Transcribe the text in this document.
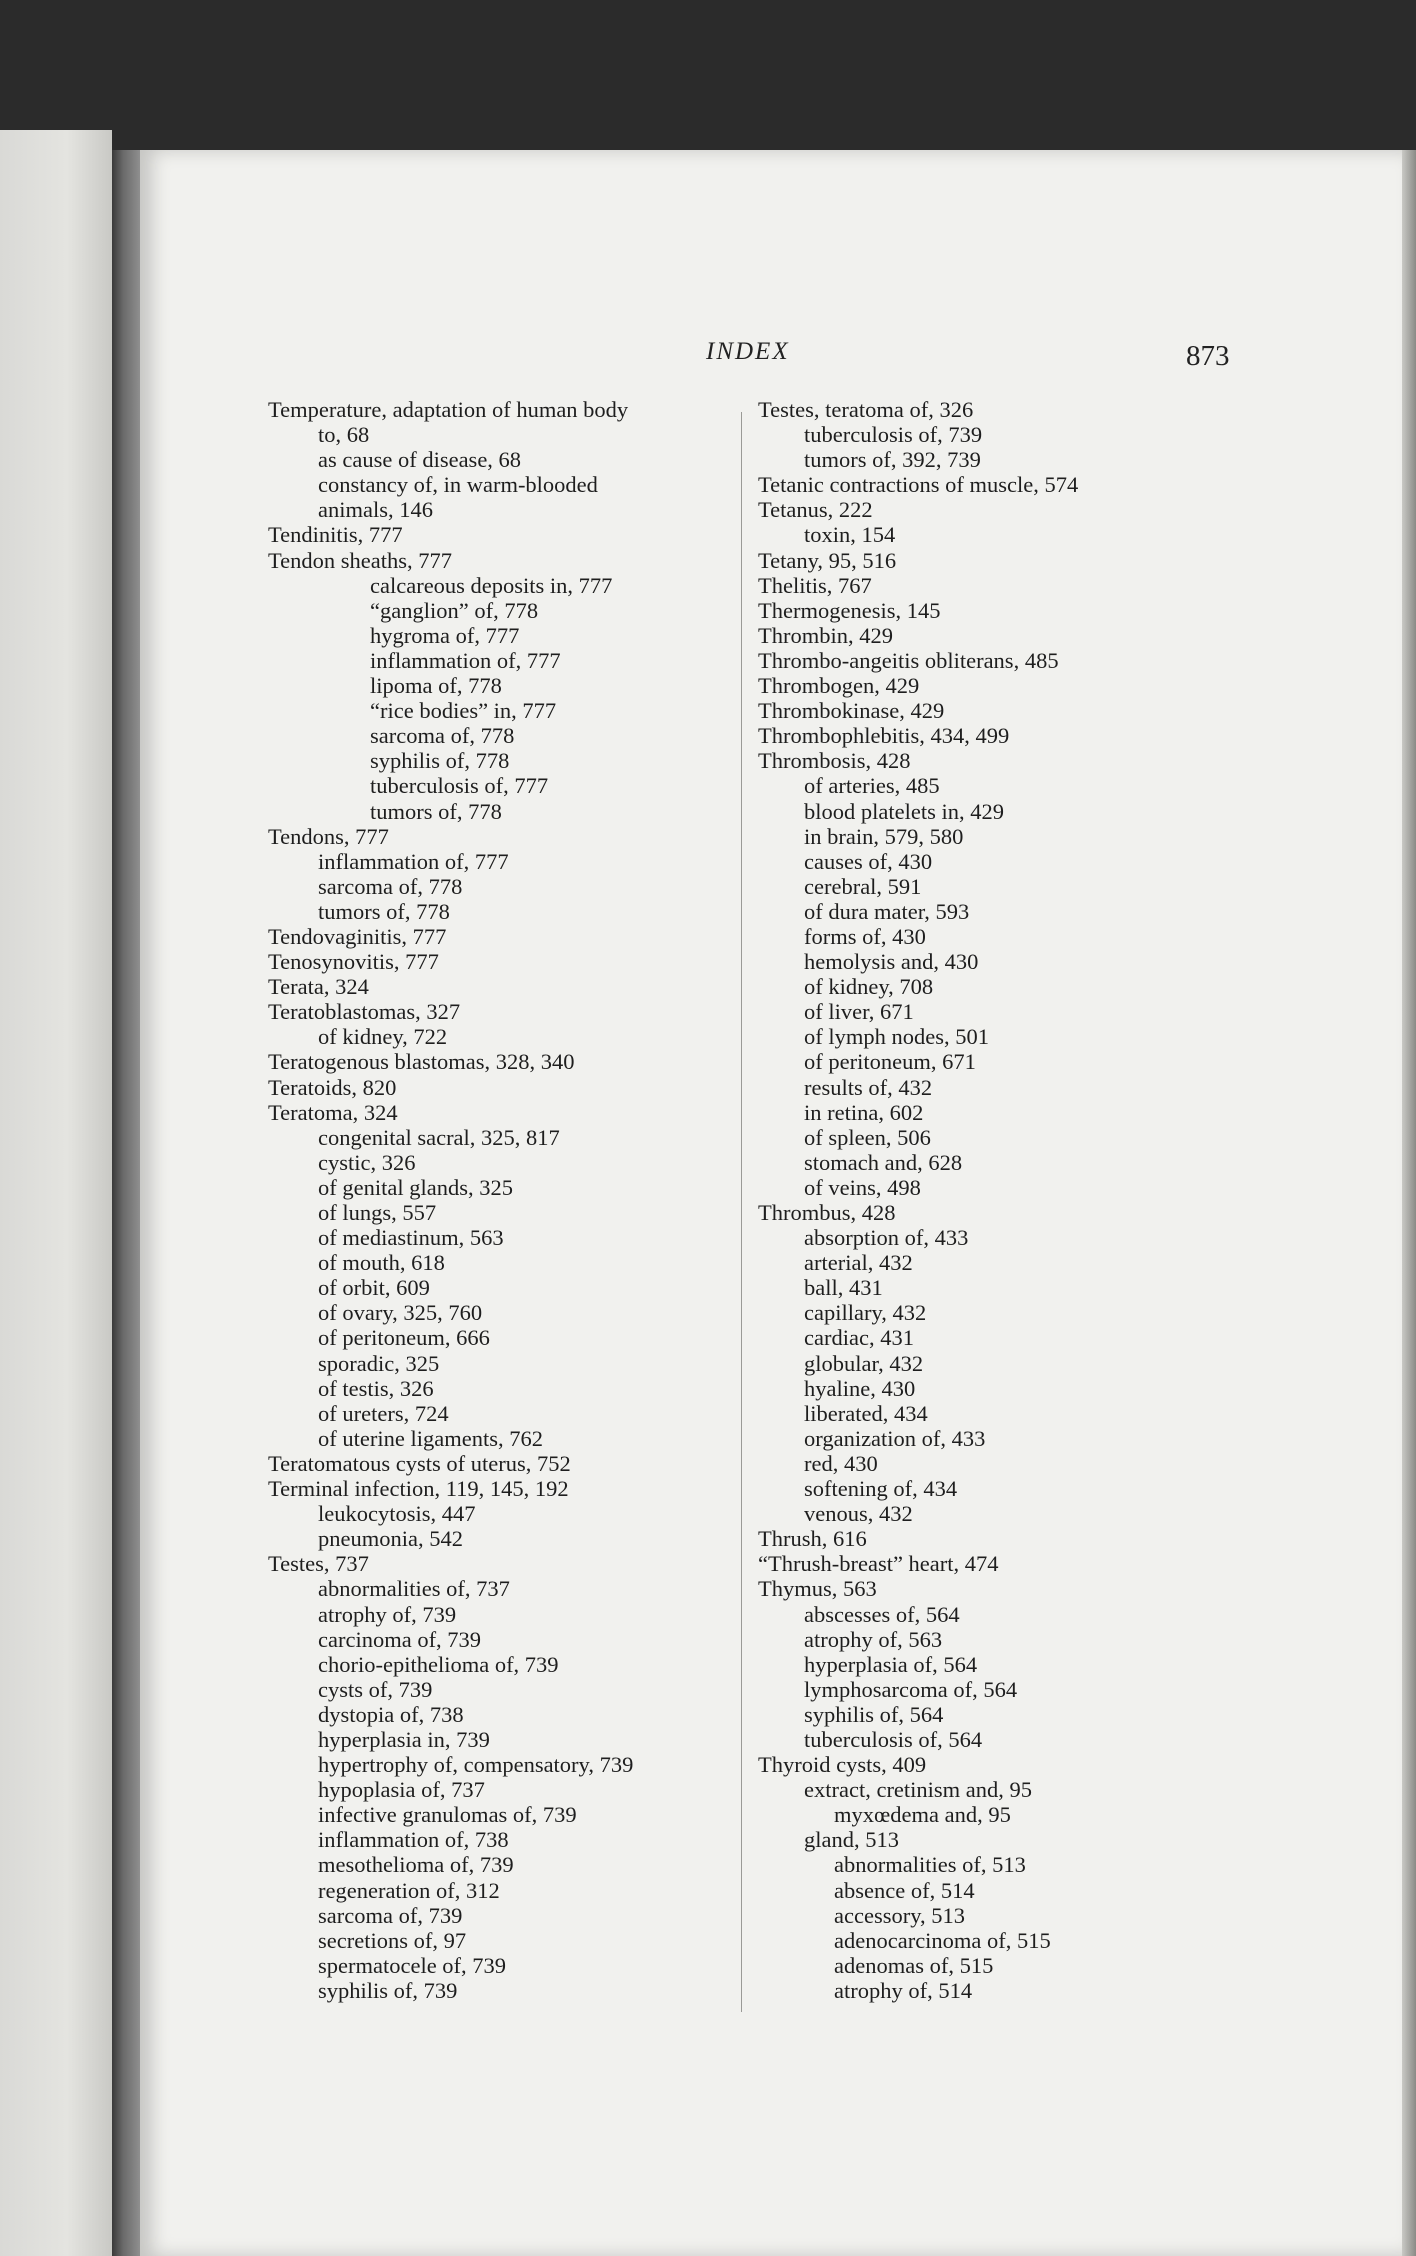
INDEX	873
Temperature, adaptation of human body
to, 68
as cause of disease, 68
constancy of, in warm-blooded
animals, 146
Tendinitis, 777
Tendon sheaths, 777
calcareous deposits in, 777
“ganglion” of, 778
hygroma of, 777
inflammation of, 777
lipoma of, 778
“rice bodies” in, 777
sarcoma of, 778
syphilis of, 778
tuberculosis of, 777
tumors of, 778
Tendons, 777
inflammation of, 777
sarcoma of, 778
tumors of, 778
Tendovaginitis, 777
Tenosynovitis, 777
Terata, 324
Teratoblastomas, 327
of kidney, 722
Teratogenous blastomas, 328, 340
Teratoids, 820
Teratoma, 324
congenital sacral, 325, 817
cystic, 326
of genital glands, 325
of lungs, 557
of mediastinum, 563
of mouth, 618
of orbit, 609
of ovary, 325, 760
of peritoneum, 666
sporadic, 325
of testis, 326
of ureters, 724
of uterine ligaments, 762
Teratomatous cysts of uterus, 752
Terminal infection, 119, 145, 192
leukocytosis, 447
pneumonia, 542
Testes, 737
abnormalities of, 737
atrophy of, 739
carcinoma of, 739
chorio-epithelioma of, 739
cysts of, 739
dystopia of, 738
hyperplasia in, 739
hypertrophy of, compensatory, 739
hypoplasia of, 737
infective granulomas of, 739
inflammation of, 738
mesothelioma of, 739
regeneration of, 312
sarcoma of, 739
secretions of, 97
spermatocele of, 739
syphilis of, 739
Testes, teratoma of, 326
tuberculosis of, 739
tumors of, 392, 739
Tetanic contractions of muscle, 574
Tetanus, 222
toxin, 154
Tetany, 95, 516
Thelitis, 767
Thermogenesis, 145
Thrombin, 429
Thrombo-angeitis obliterans, 485
Thrombogen, 429
Thrombokinase, 429
Thrombophlebitis, 434, 499
Thrombosis, 428
of arteries, 485
blood platelets in, 429
in brain, 579, 580
causes of, 430
cerebral, 591
of dura mater, 593
forms of, 430
hemolysis and, 430
of kidney, 708
of liver, 671
of lymph nodes, 501
of peritoneum, 671
results of, 432
in retina, 602
of spleen, 506
stomach and, 628
of veins, 498
Thrombus, 428
absorption of, 433
arterial, 432
ball, 431
capillary, 432
cardiac, 431
globular, 432
hyaline, 430
liberated, 434
organization of, 433
red, 430
softening of, 434
venous, 432
Thrush, 616
“Thrush-breast” heart, 474
Thymus, 563
abscesses of, 564
atrophy of, 563
hyperplasia of, 564
lymphosarcoma of, 564
syphilis of, 564
tuberculosis of, 564
Thyroid cysts, 409
extract, cretinism and, 95
myxœdema and, 95
gland, 513
abnormalities of, 513
absence of, 514
accessory, 513
adenocarcinoma of, 515
adenomas of, 515
atrophy of, 514
